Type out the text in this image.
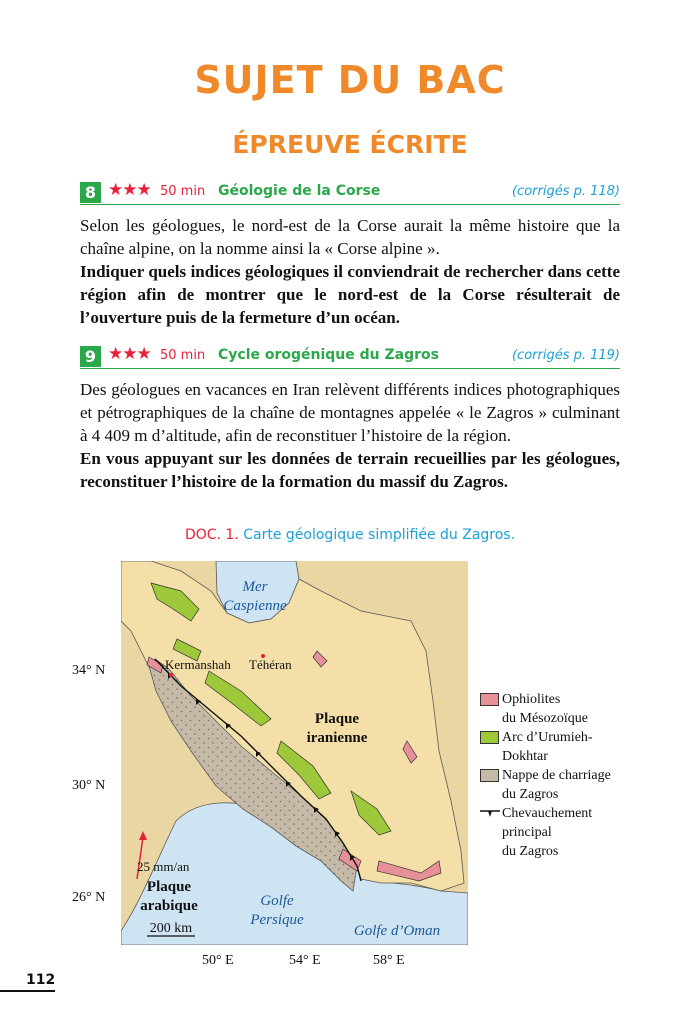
SUJET DU BAC
ÉPREUVE ÉCRITE
8 ★★★ 50 min Géologie de la Corse	(corrigés p. 118)

Selon les géologues, le nord-est de la Corse aurait la même histoire que la chaîne alpine, on la nomme ainsi la « Corse alpine ».

Indiquer quels indices géologiques il conviendrait de rechercher dans cette région afin de montrer que le nord-est de la Corse résulterait de l’ouverture puis de la fermeture d’un océan.

9 ★★★ 50 min Cycle orogénique du Zagros	(corrigés p. 119)

Des géologues en vacances en Iran relèvent différents indices photographiques et pétrographiques de la chaîne de montagnes appelée « le Zagros » culminant à 4 409 m d’altitude, afin de reconstituer l’histoire de la région.

En vous appuyant sur les données de terrain recueillies par les géologues, reconstituer l’histoire de la formation du massif du Zagros.

DOC. 1. Carte géologique simplifiée du Zagros.
Mer
Caspienne
Kermanshah Téhéran
Plaque
iranienne
25 mm/an
Plaque
arabique
200 km
Golfe
Persique
Golfe d’Oman
34° N
30° N
26° N
50° E	54° E	58° E
Ophiolites
du Mésozoïque
Arc d’Urumieh-
Dokhtar
Nappe de charriage
du Zagros
Chevauchement
principal
du Zagros
112
